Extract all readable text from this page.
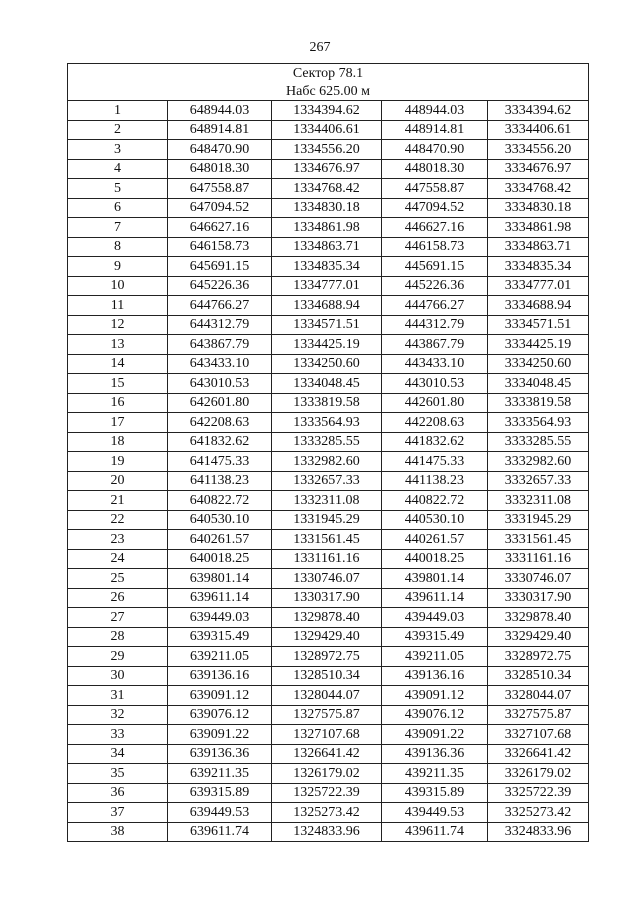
267
Сектор 78.1				
Набс 625.00 м				
1	648944.03	1334394.62	448944.03	3334394.62
2	648914.81	1334406.61	448914.81	3334406.61
3	648470.90	1334556.20	448470.90	3334556.20
4	648018.30	1334676.97	448018.30	3334676.97
5	647558.87	1334768.42	447558.87	3334768.42
6	647094.52	1334830.18	447094.52	3334830.18
7	646627.16	1334861.98	446627.16	3334861.98
8	646158.73	1334863.71	446158.73	3334863.71
9	645691.15	1334835.34	445691.15	3334835.34
10	645226.36	1334777.01	445226.36	3334777.01
11	644766.27	1334688.94	444766.27	3334688.94
12	644312.79	1334571.51	444312.79	3334571.51
13	643867.79	1334425.19	443867.79	3334425.19
14	643433.10	1334250.60	443433.10	3334250.60
15	643010.53	1334048.45	443010.53	3334048.45
16	642601.80	1333819.58	442601.80	3333819.58
17	642208.63	1333564.93	442208.63	3333564.93
18	641832.62	1333285.55	441832.62	3333285.55
19	641475.33	1332982.60	441475.33	3332982.60
20	641138.23	1332657.33	441138.23	3332657.33
21	640822.72	1332311.08	440822.72	3332311.08
22	640530.10	1331945.29	440530.10	3331945.29
23	640261.57	1331561.45	440261.57	3331561.45
24	640018.25	1331161.16	440018.25	3331161.16
25	639801.14	1330746.07	439801.14	3330746.07
26	639611.14	1330317.90	439611.14	3330317.90
27	639449.03	1329878.40	439449.03	3329878.40
28	639315.49	1329429.40	439315.49	3329429.40
29	639211.05	1328972.75	439211.05	3328972.75
30	639136.16	1328510.34	439136.16	3328510.34
31	639091.12	1328044.07	439091.12	3328044.07
32	639076.12	1327575.87	439076.12	3327575.87
33	639091.22	1327107.68	439091.22	3327107.68
34	639136.36	1326641.42	439136.36	3326641.42
35	639211.35	1326179.02	439211.35	3326179.02
36	639315.89	1325722.39	439315.89	3325722.39
37	639449.53	1325273.42	439449.53	3325273.42
38	639611.74	1324833.96	439611.74	3324833.96
